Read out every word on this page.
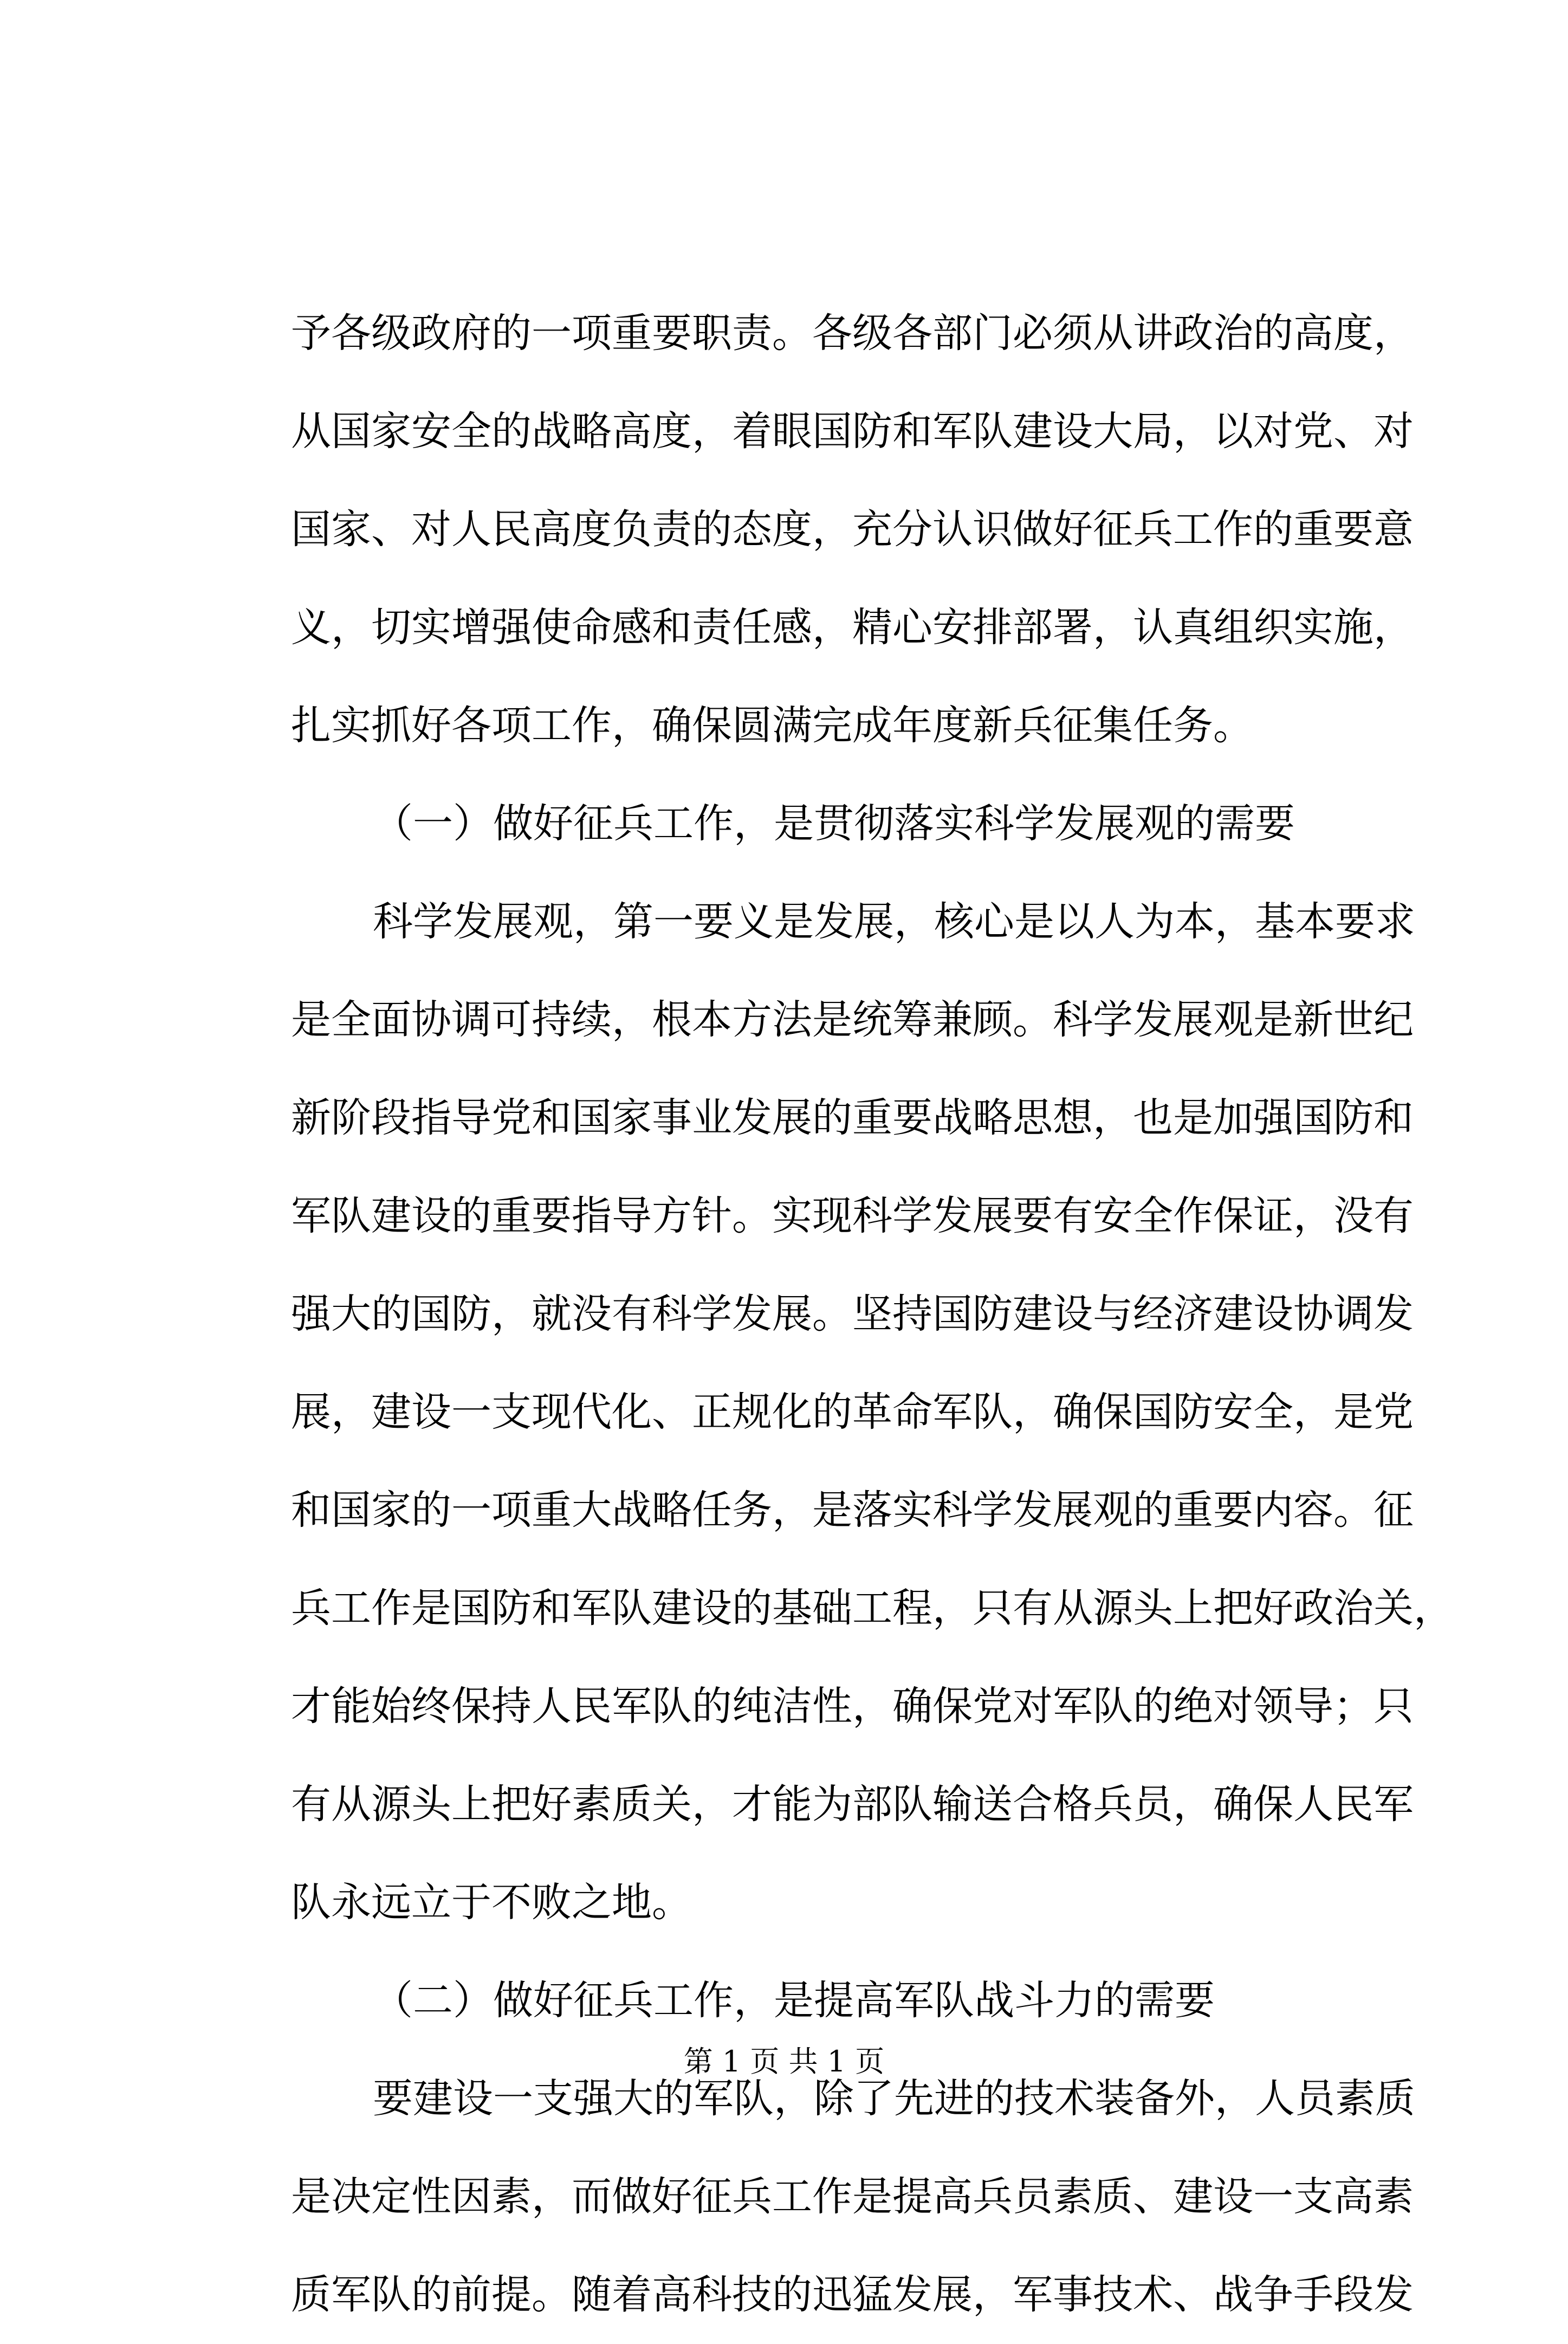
予各级政府的一项重要职责。各级各部门必须从讲政治的高度，
从国家安全的战略高度，着眼国防和军队建设大局，以对党、对
国家、对人民高度负责的态度，充分认识做好征兵工作的重要意
义，切实增强使命感和责任感，精心安排部署，认真组织实施，
扎实抓好各项工作，确保圆满完成年度新兵征集任务。
（一）做好征兵工作，是贯彻落实科学发展观的需要
科学发展观，第一要义是发展，核心是以人为本，基本要求
是全面协调可持续，根本方法是统筹兼顾。科学发展观是新世纪
新阶段指导党和国家事业发展的重要战略思想，也是加强国防和
军队建设的重要指导方针。实现科学发展要有安全作保证，没有
强大的国防，就没有科学发展。坚持国防建设与经济建设协调发
展，建设一支现代化、正规化的革命军队，确保国防安全，是党
和国家的一项重大战略任务，是落实科学发展观的重要内容。征
兵工作是国防和军队建设的基础工程，只有从源头上把好政治关，
才能始终保持人民军队的纯洁性，确保党对军队的绝对领导；只
有从源头上把好素质关，才能为部队输送合格兵员，确保人民军
队永远立于不败之地。
（二）做好征兵工作，是提高军队战斗力的需要
要建设一支强大的军队，除了先进的技术装备外，人员素质
是决定性因素，而做好征兵工作是提高兵员素质、建设一支高素
质军队的前提。随着高科技的迅猛发展，军事技术、战争手段发
第 1 页 共 1 页
